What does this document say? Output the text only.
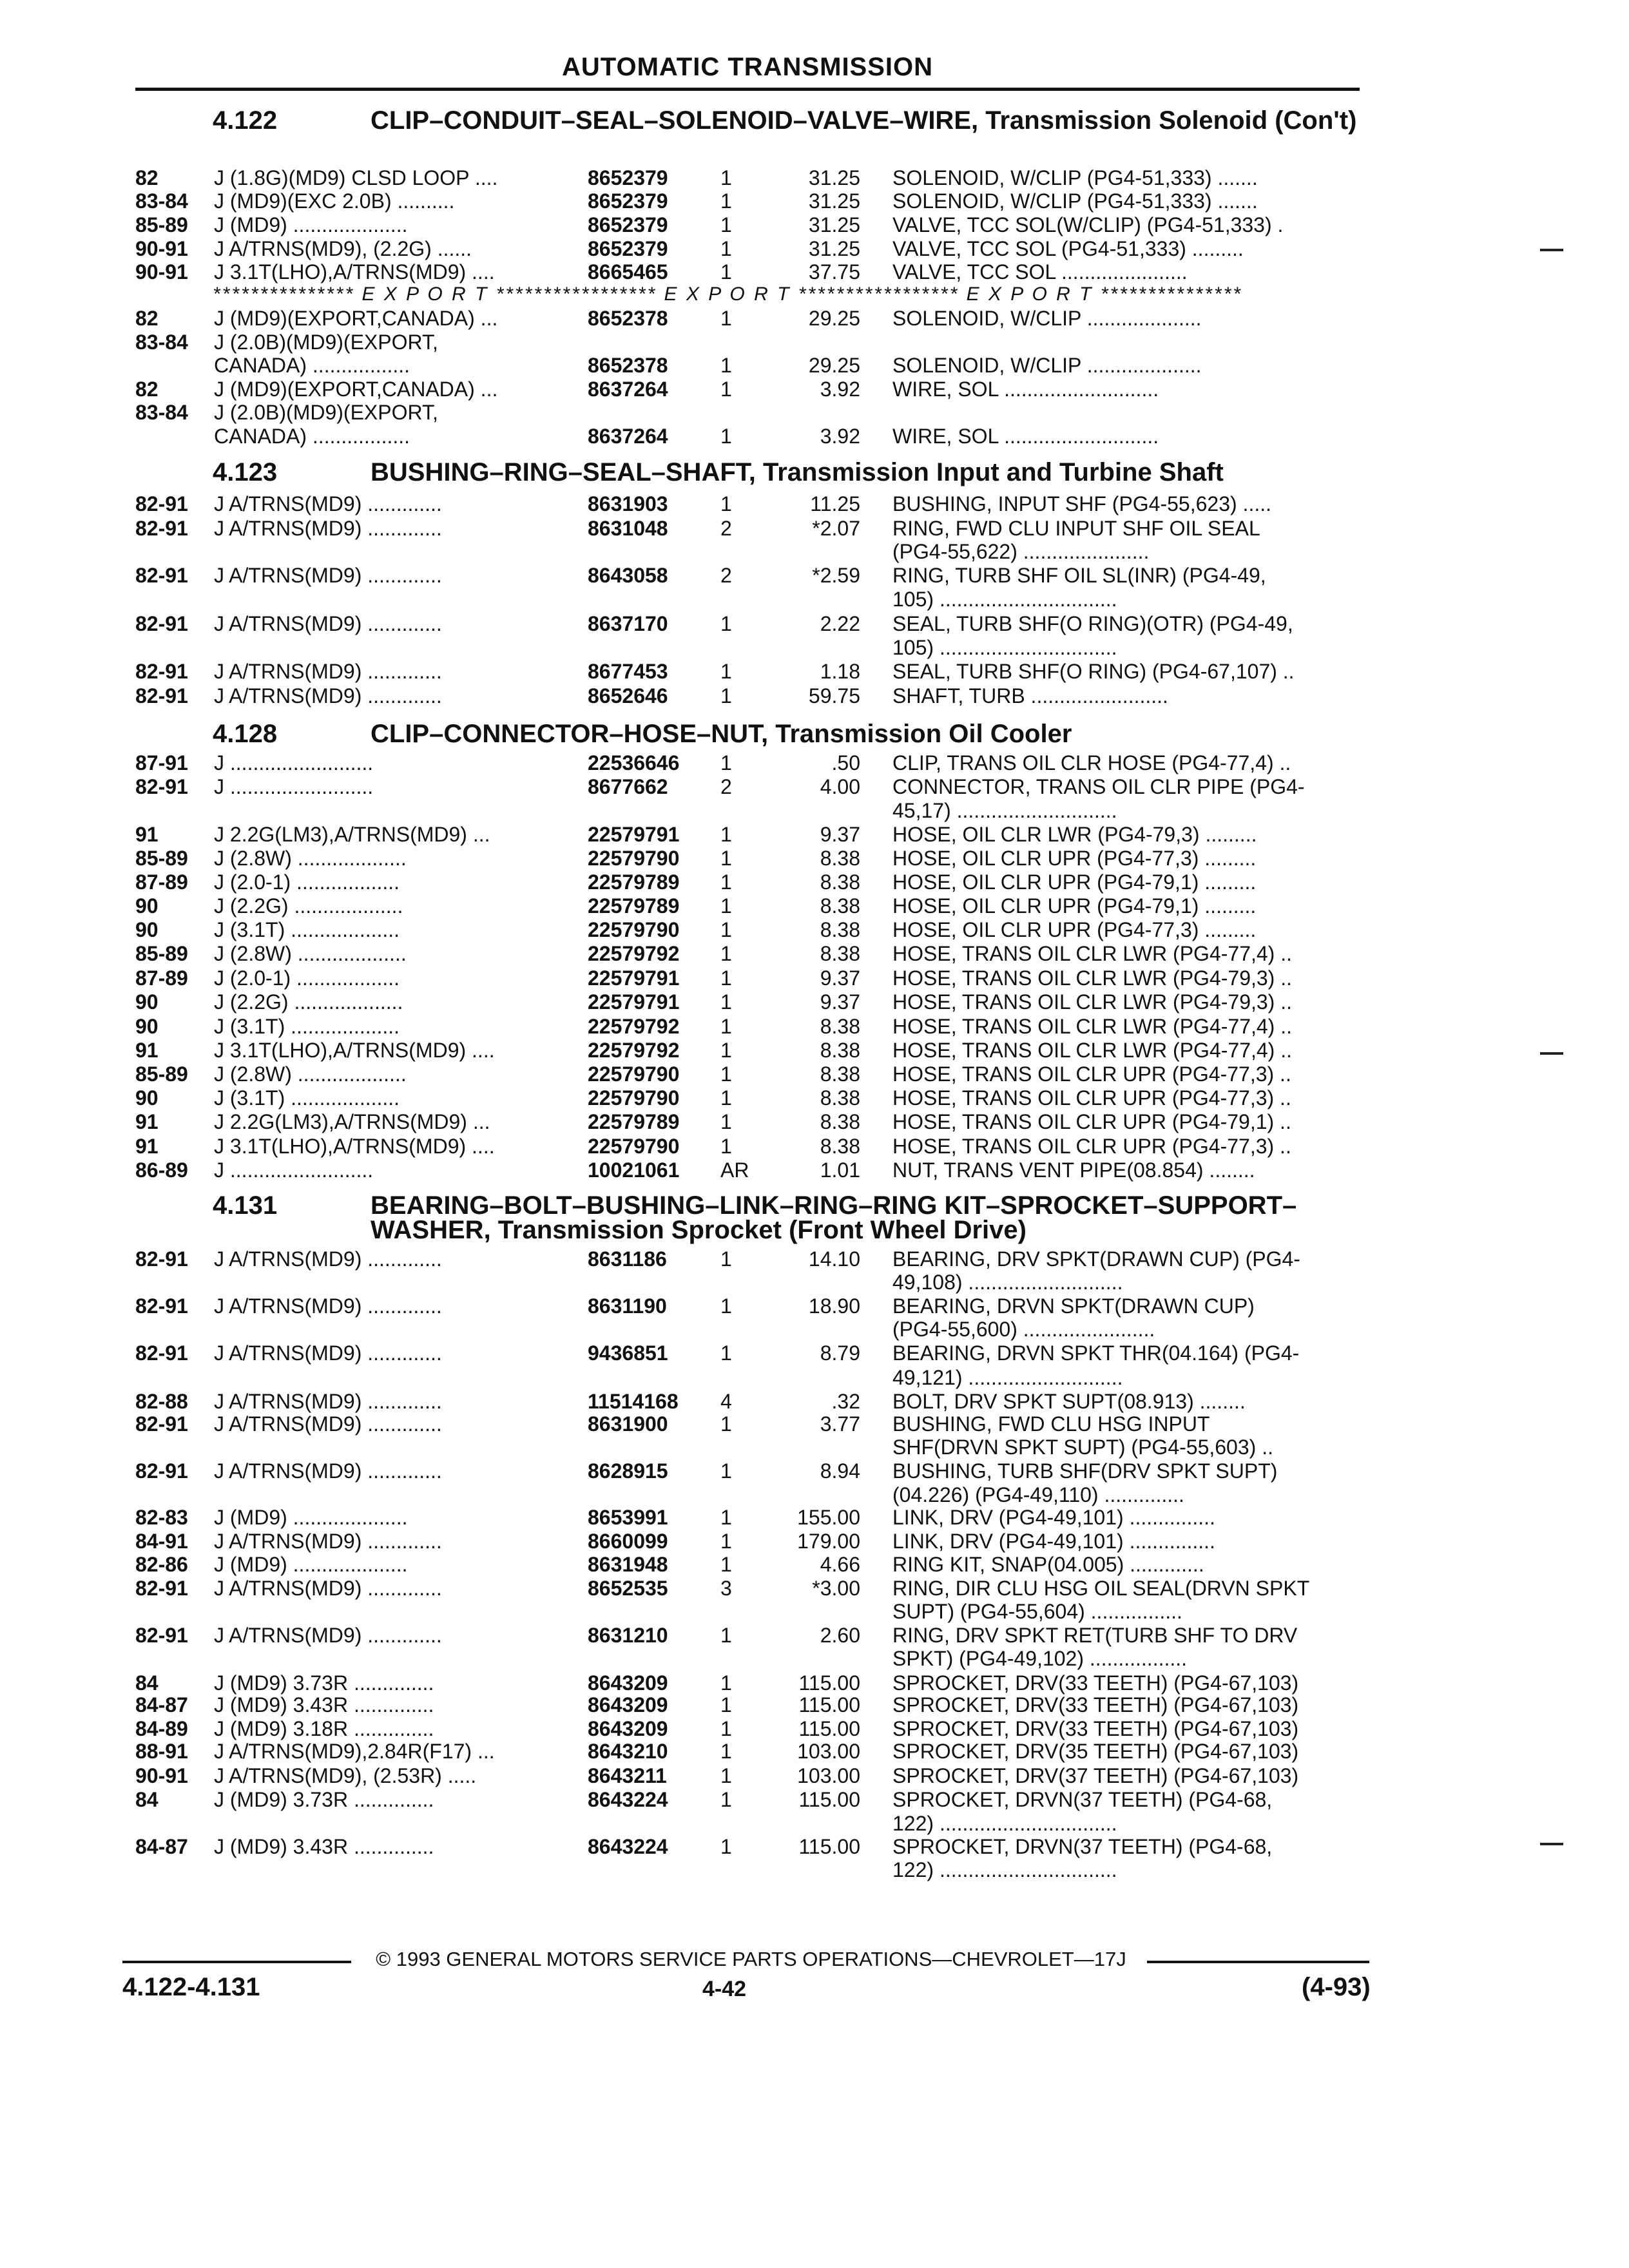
AUTOMATIC TRANSMISSION
4.122	CLIP–CONDUIT–SEAL–SOLENOID–VALVE–WIRE, Transmission Solenoid (Con't)
4.123	BUSHING–RING–SEAL–SHAFT, Transmission Input and Turbine Shaft
4.128	CLIP–CONNECTOR–HOSE–NUT, Transmission Oil Cooler
4.131	BEARING–BOLT–BUSHING–LINK–RING–RING KIT–SPROCKET–SUPPORT–WASHER, Transmission Sprocket (Front Wheel Drive)
*************** E X P O R T ***************** E X P O R T ***************** E X P O R T ***************
82	J (1.8G)(MD9) CLSD LOOP ....	8652379	1	31.25 SOLENOID, W/CLIP (PG4-51,333) .......
83-84 J (MD9)(EXC 2.0B) ..........	8652379	1	31.25 SOLENOID, W/CLIP (PG4-51,333) .......
85-89 J (MD9) ....................	8652379	1	31.25 VALVE, TCC SOL(W/CLIP) (PG4-51,333) .
90-91 J A/TRNS(MD9), (2.2G) ......	8652379	1	31.25 VALVE, TCC SOL (PG4-51,333) .........
90-91 J 3.1T(LHO),A/TRNS(MD9) ....	8665465	1	37.75 VALVE, TCC SOL ......................
82	J (MD9)(EXPORT,CANADA) ...	8652378	1	29.25 SOLENOID, W/CLIP ....................
83-84 J (2.0B)(MD9)(EXPORT,
CANADA) .................	8652378	1	29.25 SOLENOID, W/CLIP ....................
82	J (MD9)(EXPORT,CANADA) ...	8637264	1	3.92 WIRE, SOL ...........................
83-84 J (2.0B)(MD9)(EXPORT,
CANADA) .................	8637264	1	3.92 WIRE, SOL ...........................
82-91 J A/TRNS(MD9) .............	8631903	1	11.25 BUSHING, INPUT SHF (PG4-55,623) .....
82-91 J A/TRNS(MD9) .............	8631048	2	*2.07 RING, FWD CLU INPUT SHF OIL SEAL
(PG4-55,622) ......................
82-91 J A/TRNS(MD9) .............	8643058	2	*2.59 RING, TURB SHF OIL SL(INR) (PG4-49,
105) ...............................
82-91 J A/TRNS(MD9) .............	8637170	1	2.22 SEAL, TURB SHF(O RING)(OTR) (PG4-49,
105) ...............................
82-91 J A/TRNS(MD9) .............	8677453	1	1.18 SEAL, TURB SHF(O RING) (PG4-67,107) ..
82-91 J A/TRNS(MD9) .............	8652646	1	59.75 SHAFT, TURB ........................
87-91 J .........................	22536646 1	.50 CLIP, TRANS OIL CLR HOSE (PG4-77,4) ..
82-91 J .........................	8677662	2	4.00 CONNECTOR, TRANS OIL CLR PIPE (PG4-
45,17) ............................
91	J 2.2G(LM3),A/TRNS(MD9) ...	22579791 1	9.37 HOSE, OIL CLR LWR (PG4-79,3) .........
85-89 J (2.8W) ...................	22579790 1	8.38 HOSE, OIL CLR UPR (PG4-77,3) .........
87-89 J (2.0-1) ..................	22579789 1	8.38 HOSE, OIL CLR UPR (PG4-79,1) .........
90	J (2.2G) ...................	22579789 1	8.38 HOSE, OIL CLR UPR (PG4-79,1) .........
90	J (3.1T) ...................	22579790 1	8.38 HOSE, OIL CLR UPR (PG4-77,3) .........
85-89 J (2.8W) ...................	22579792 1	8.38 HOSE, TRANS OIL CLR LWR (PG4-77,4) ..
87-89 J (2.0-1) ..................	22579791 1	9.37 HOSE, TRANS OIL CLR LWR (PG4-79,3) ..
90	J (2.2G) ...................	22579791 1	9.37 HOSE, TRANS OIL CLR LWR (PG4-79,3) ..
90	J (3.1T) ...................	22579792 1	8.38 HOSE, TRANS OIL CLR LWR (PG4-77,4) ..
91	J 3.1T(LHO),A/TRNS(MD9) ....	22579792 1	8.38 HOSE, TRANS OIL CLR LWR (PG4-77,4) ..
85-89 J (2.8W) ...................	22579790 1	8.38 HOSE, TRANS OIL CLR UPR (PG4-77,3) ..
90	J (3.1T) ...................	22579790 1	8.38 HOSE, TRANS OIL CLR UPR (PG4-77,3) ..
91	J 2.2G(LM3),A/TRNS(MD9) ...	22579789 1	8.38 HOSE, TRANS OIL CLR UPR (PG4-79,1) ..
91	J 3.1T(LHO),A/TRNS(MD9) ....	22579790 1	8.38 HOSE, TRANS OIL CLR UPR (PG4-77,3) ..
86-89 J .........................	10021061 AR	1.01 NUT, TRANS VENT PIPE(08.854) ........
82-91 J A/TRNS(MD9) .............	8631186	1	14.10 BEARING, DRV SPKT(DRAWN CUP) (PG4-
49,108) ...........................
82-91 J A/TRNS(MD9) .............	8631190	1	18.90 BEARING, DRVN SPKT(DRAWN CUP)
(PG4-55,600) .......................
82-91 J A/TRNS(MD9) .............	9436851	1	8.79 BEARING, DRVN SPKT THR(04.164) (PG4-
49,121) ...........................
82-88 J A/TRNS(MD9) .............	11514168 4	.32 BOLT, DRV SPKT SUPT(08.913) ........
82-91 J A/TRNS(MD9) .............	8631900	1	3.77 BUSHING, FWD CLU HSG INPUT
SHF(DRVN SPKT SUPT) (PG4-55,603) ..
82-91 J A/TRNS(MD9) .............	8628915	1	8.94 BUSHING, TURB SHF(DRV SPKT SUPT)
(04.226) (PG4-49,110) ..............
82-83 J (MD9) ....................	8653991	1	155.00 LINK, DRV (PG4-49,101) ...............
84-91 J A/TRNS(MD9) .............	8660099	1	179.00 LINK, DRV (PG4-49,101) ...............
82-86 J (MD9) ....................	8631948	1	4.66 RING KIT, SNAP(04.005) .............
82-91 J A/TRNS(MD9) .............	8652535	3	*3.00 RING, DIR CLU HSG OIL SEAL(DRVN SPKT
SUPT) (PG4-55,604) ................
82-91 J A/TRNS(MD9) .............	8631210	1	2.60 RING, DRV SPKT RET(TURB SHF TO DRV
SPKT) (PG4-49,102) .................
84	J (MD9) 3.73R ..............	8643209	1	115.00 SPROCKET, DRV(33 TEETH) (PG4-67,103)
84-87 J (MD9) 3.43R ..............	8643209	1	115.00 SPROCKET, DRV(33 TEETH) (PG4-67,103)
84-89 J (MD9) 3.18R ..............	8643209	1	115.00 SPROCKET, DRV(33 TEETH) (PG4-67,103)
88-91 J A/TRNS(MD9),2.84R(F17) ...	8643210	1	103.00 SPROCKET, DRV(35 TEETH) (PG4-67,103)
90-91 J A/TRNS(MD9), (2.53R) .....	8643211	1	103.00 SPROCKET, DRV(37 TEETH) (PG4-67,103)
84	J (MD9) 3.73R ..............	8643224	1	115.00 SPROCKET, DRVN(37 TEETH) (PG4-68,
122) ...............................
84-87 J (MD9) 3.43R ..............	8643224	1	115.00 SPROCKET, DRVN(37 TEETH) (PG4-68,
122) ...............................
© 1993 GENERAL MOTORS SERVICE PARTS OPERATIONS—CHEVROLET—17J
4.122-4.131	4-42	(4-93)
